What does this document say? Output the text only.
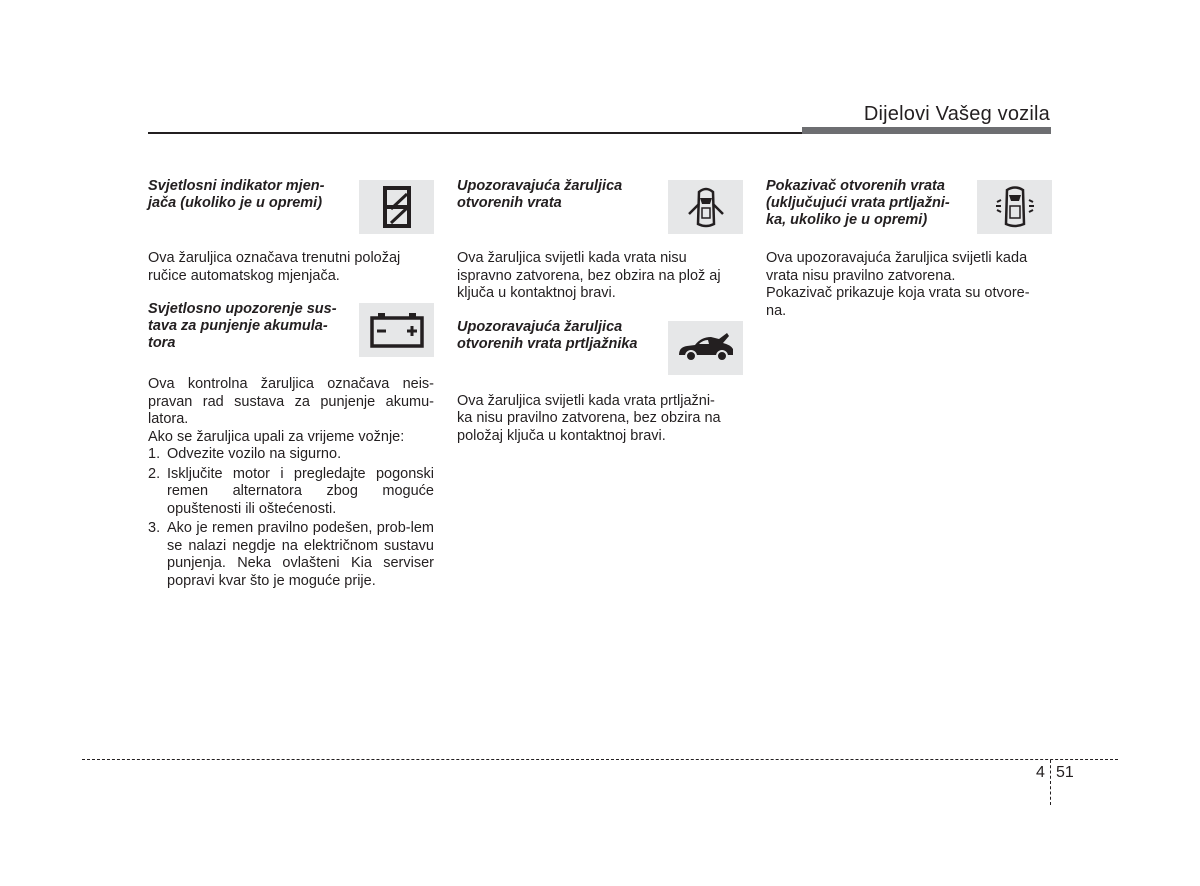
Dijelovi Vašeg vozila

Svjetlosni indikator mjen-
jača (ukoliko je u opremi)

Ova žaruljica označava trenutni položaj
ručice automatskog mjenjača.

Svjetlosno upozorenje sus-
tava za punjenje akumula-
tora

Ova kontrolna žaruljica označava neis-pravan rad sustava za punjenje akumu-latora.

Ako se žaruljica upali za vrijeme vožnje:

1. Odvezite vozilo na sigurno.
2. Isključite motor i pregledajte pogonski remen alternatora zbog moguće opuštenosti ili oštećenosti.
3. Ako je remen pravilno podešen, prob-lem se nalazi negdje na električnom sustavu punjenja. Neka ovlašteni Kia serviser popravi kvar što je moguće prije.

Upozoravajuća žaruljica
otvorenih vrata

Ova žaruljica svijetli kada vrata nisu
ispravno zatvorena, bez obzira na plož aj
ključa u kontaktnoj bravi.

Upozoravajuća žaruljica
otvorenih vrata prtljažnika

Ova žaruljica svijetli kada vrata prtljažni-
ka nisu pravilno zatvorena, bez obzira na
položaj ključa u kontaktnoj bravi.

Pokazivač otvorenih vrata
(uključujući vrata prtljažni-
ka, ukoliko je u opremi)

Ova upozoravajuća žaruljica svijetli kada
vrata nisu pravilno zatvorena.
Pokazivač prikazuje koja vrata su otvore-
na.

4 51
